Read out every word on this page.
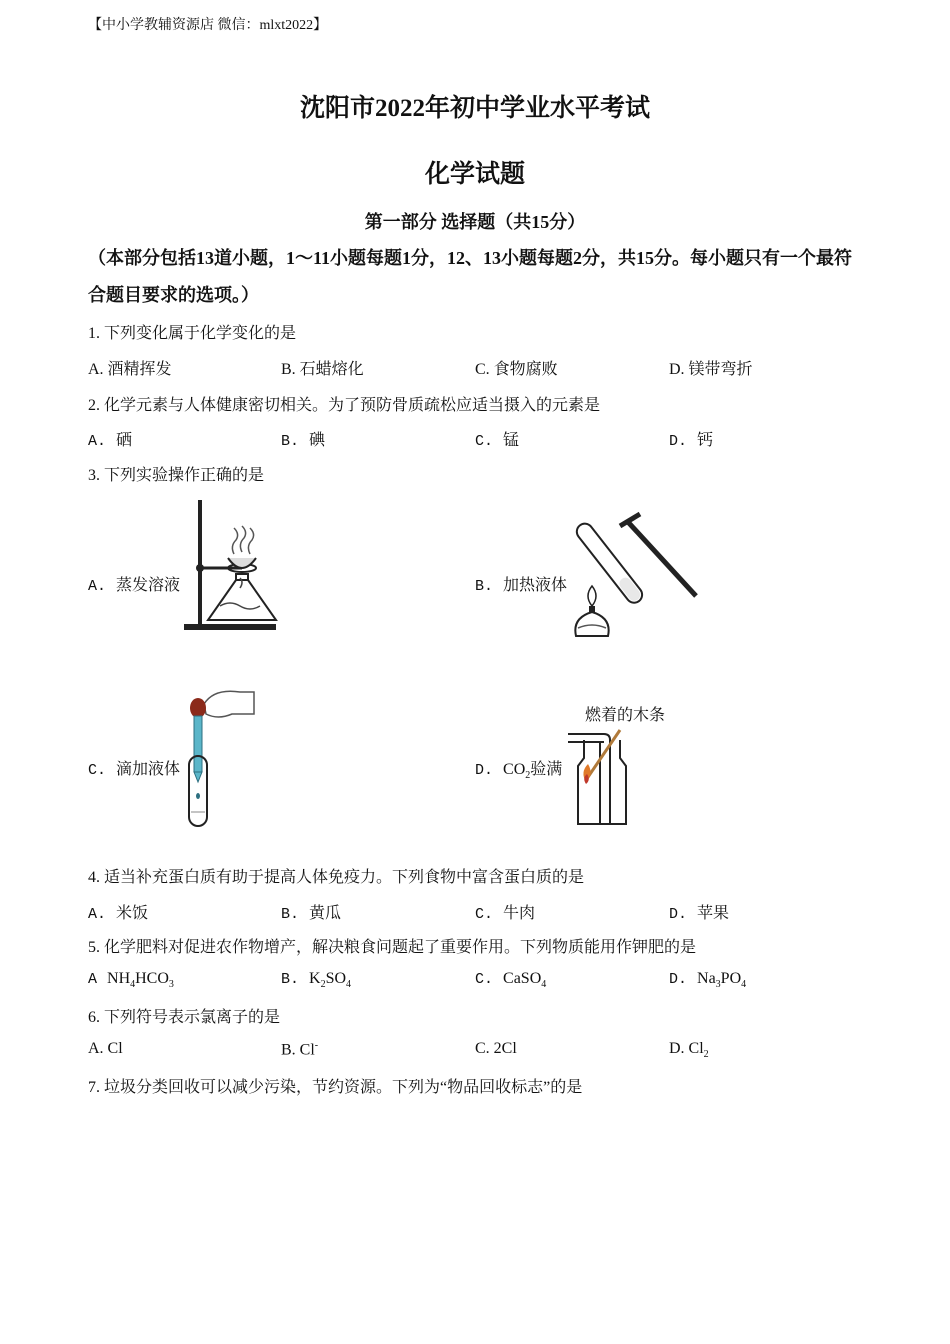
【中小学教辅资源店 微信：mlxt2022】
沈阳市2022年初中学业水平考试
化学试题
第一部分 选择题（共15分）
（本部分包括13道小题，1～11小题每题1分，12、13小题每题2分，共15分。每小题只有一个最符合题目要求的选项。）
1. 下列变化属于化学变化的是
A. 酒精挥发	B. 石蜡熔化	C. 食物腐败	D. 镁带弯折
2. 化学元素与人体健康密切相关。为了预防骨质疏松应适当摄入的元素是
A. 硒	B. 碘	C. 锰	D. 钙
3. 下列实验操作正确的是
A. 蒸发溶液	B. 加热液体
C. 滴加液体	D. $CO_2$验满
燃着的木条
4. 适当补充蛋白质有助于提高人体免疫力。下列食物中富含蛋白质的是
A. 米饭	B. 黄瓜	C. 牛肉	D. 苹果
5. 化学肥料对促进农作物增产，解决粮食问题起了重要作用。下列物质能用作钾肥的是
A $NH_4HCO_3$	B. $K_2SO_4$	C. CaSO$_4$	D. $Na_3PO_4$
6. 下列符号表示氯离子的是
A. Cl	B. Cl-	C. 2Cl	D. $Cl_2$
7. 垃圾分类回收可以减少污染，节约资源。下列为“物品回收标志”的是
